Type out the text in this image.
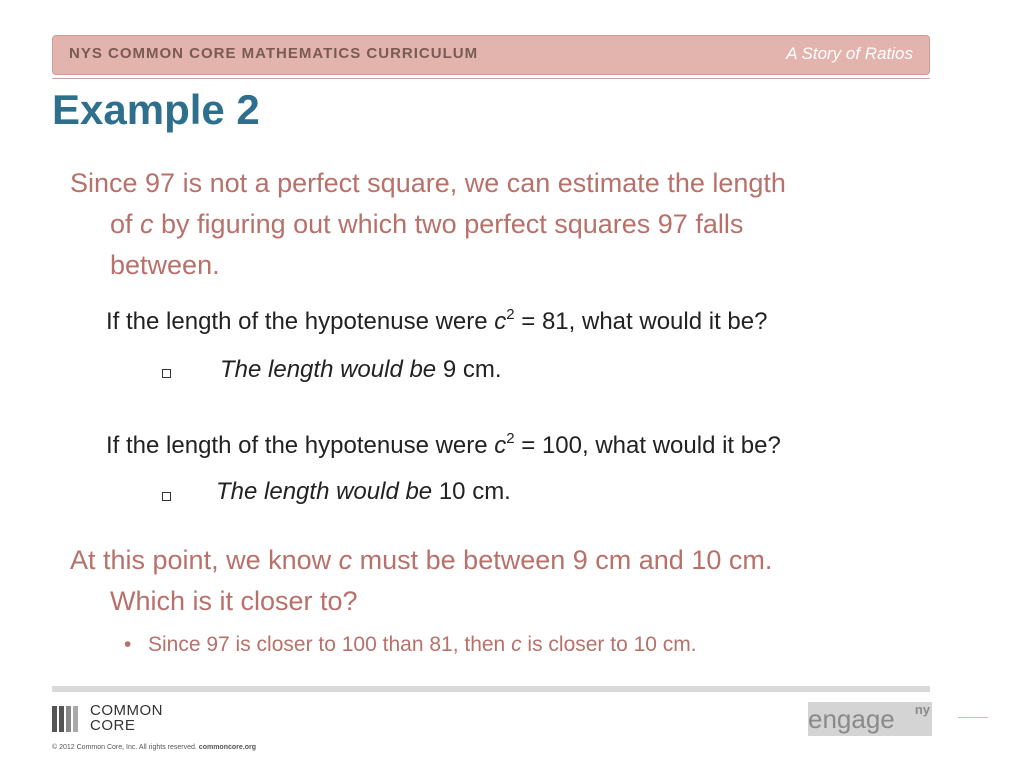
NYS COMMON CORE MATHEMATICS CURRICULUM	A Story of Ratios
Example 2
Since 97 is not a perfect square, we can estimate the length
of c by figuring out which two perfect squares 97 falls
between.
If the length of the hypotenuse were $c^2 = 81$, what would it be?
The length would be 9 cm.
If the length of the hypotenuse were $c^2 = 100$, what would it be?
The length would be 10 cm.
At this point, we know c must be between 9 cm and 10 cm.
Which is it closer to?
• Since 97 is closer to 100 than 81, then c is closer to 10 cm.
COMMON
CORE
© 2012 Common Core, Inc. All rights reserved. commoncore.org
engage ny
